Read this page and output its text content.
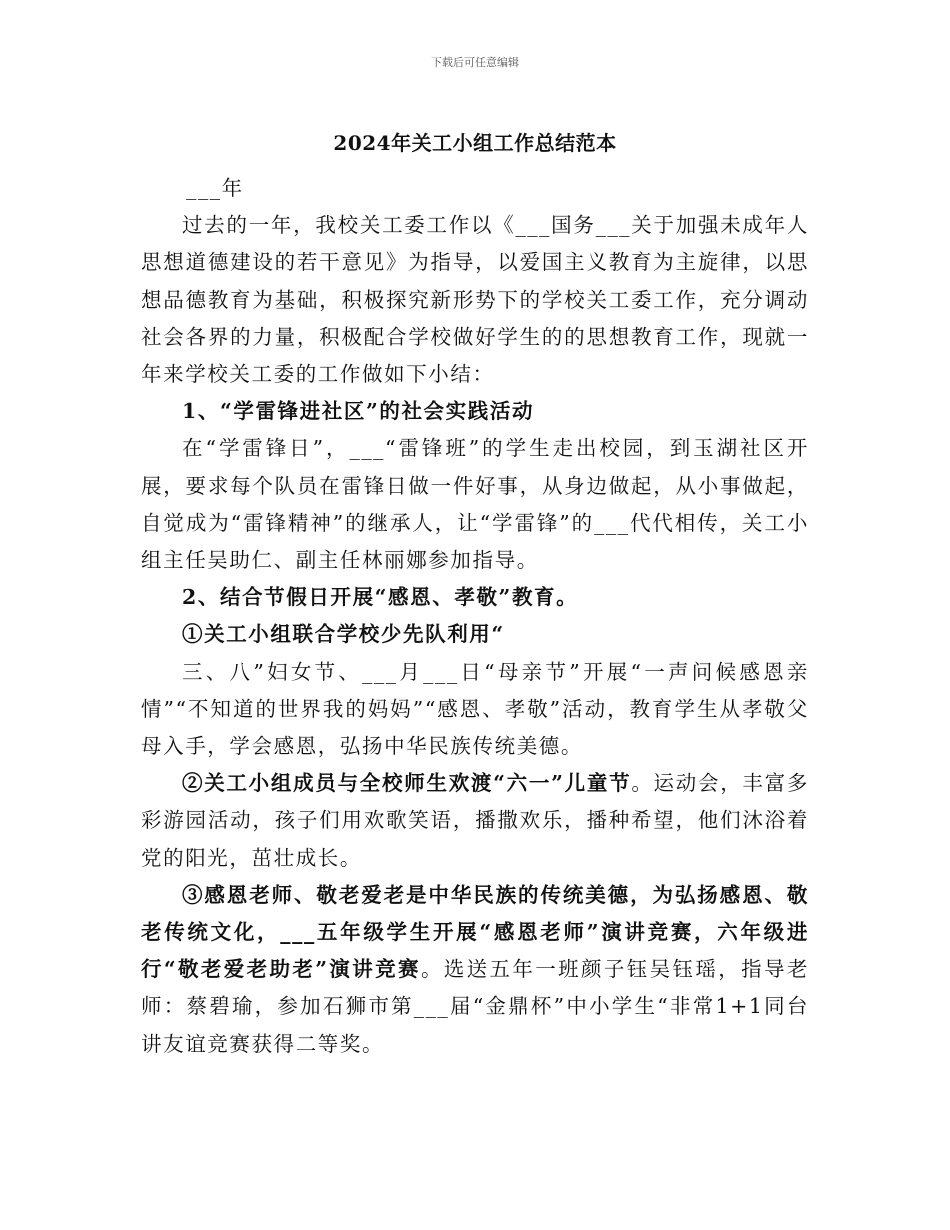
下载后可任意编辑
2024年关工小组工作总结范本

___年

过去的一年，我校关工委工作以《___国务___关于加强未成年人思想道德建设的若干意见》为指导，以爱国主义教育为主旋律，以思想品德教育为基础，积极探究新形势下的学校关工委工作，充分调动社会各界的力量，积极配合学校做好学生的的思想教育工作，现就一年来学校关工委的工作做如下小结：

1、“学雷锋进社区”的社会实践活动

在“学雷锋日”，___“雷锋班”的学生走出校园，到玉湖社区开展，要求每个队员在雷锋日做一件好事，从身边做起，从小事做起，自觉成为“雷锋精神”的继承人，让“学雷锋”的___代代相传，关工小组主任吴助仁、副主任林丽娜参加指导。

2、结合节假日开展“感恩、孝敬”教育。

①关工小组联合学校少先队利用“

三、八”妇女节、___月___日“母亲节”开展“一声问候感恩亲情”“不知道的世界我的妈妈”“感恩、孝敬”活动，教育学生从孝敬父母入手，学会感恩，弘扬中华民族传统美德。

②关工小组成员与全校师生欢渡“六一”儿童节。运动会，丰富多彩游园活动，孩子们用欢歌笑语，播撒欢乐，播种希望，他们沐浴着党的阳光，茁壮成长。

③感恩老师、敬老爱老是中华民族的传统美德，为弘扬感恩、敬老传统文化，___五年级学生开展“感恩老师”演讲竞赛，六年级进行“敬老爱老助老”演讲竞赛。选送五年一班颜子钰吴钰瑶，指导老师：蔡碧瑜，参加石狮市第___届“金鼎杯”中小学生“非常1+1同台讲友谊竞赛获得二等奖。
